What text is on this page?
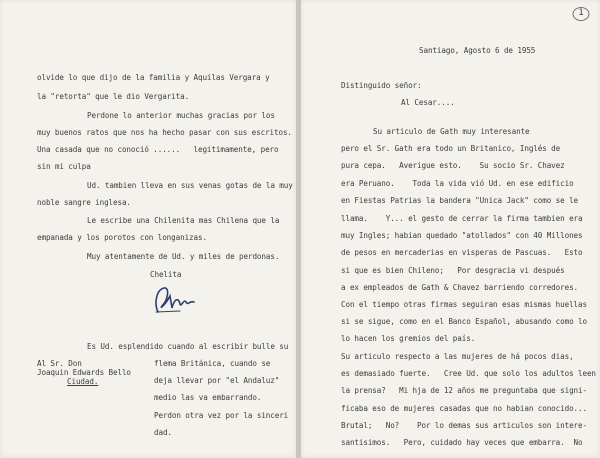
olvide lo que dijo de la familia y Aquilas Vergara y
la "retorta" que le dio Vergarita.
Perdone lo anterior muchas gracias por los
muy buenos ratos que nos ha hecho pasar con sus escritos.
Una casada que no conoció ......   legitimamente, pero
sin mi culpa
Ud. tambien lleva en sus venas gotas de la muy
noble sangre inglesa.
Le escribe una Chilenita mas Chilena que la
empanada y los porotos con longanizas.
Muy atentamente de Ud. y miles de perdonas.
Chelita
Es Ud. esplendido cuando al escribir bulle su
flema Británica, cuando se
deja llevar por "el Andaluz"
medio las va embarrando.
Perdon otra vez por la sinceri
dad.
Al Sr. Don
Joaquin Edwards Bello
Ciudad.
1
Santiago, Agosto 6 de 1955
Distinguido señor:
Al Cesar....
Su articulo de Gath muy interesante
pero el Sr. Gath era todo un Britanico, Inglés de
pura cepa.   Averigue esto.    Su socio Sr. Chavez
era Peruano.    Toda la vida vió Ud. en ese edificio
en Fiestas Patrias la bandera "Unica Jack" como se le
llama.    Y... el gesto de cerrar la firma tambien era
muy Ingles; habian quedado "atollados" con 40 Millones
de pesos en mercaderias en visperas de Pascuas.   Esto
si que es bien Chileno;   Por desgracia vi después
a ex empleados de Gath & Chavez barriendo corredores.
Con el tiempo otras firmas seguiran esas mismas huellas
si se sigue, como en el Banco Español, abusando como lo
lo hacen los gremios del país.
Su articulo respecto a las mujeres de há pocos dias,
es demasiado fuerte.   Cree Ud. que solo los adultos leen
la prensa?   Mi hja de 12 años me preguntaba que signi-
ficaba eso de mujeres casadas que no habian conocido...
Brutal;   No?    Por lo demas sus articulos son intere-
santisimos.   Pero, cuidado hay veces que embarra.  No
